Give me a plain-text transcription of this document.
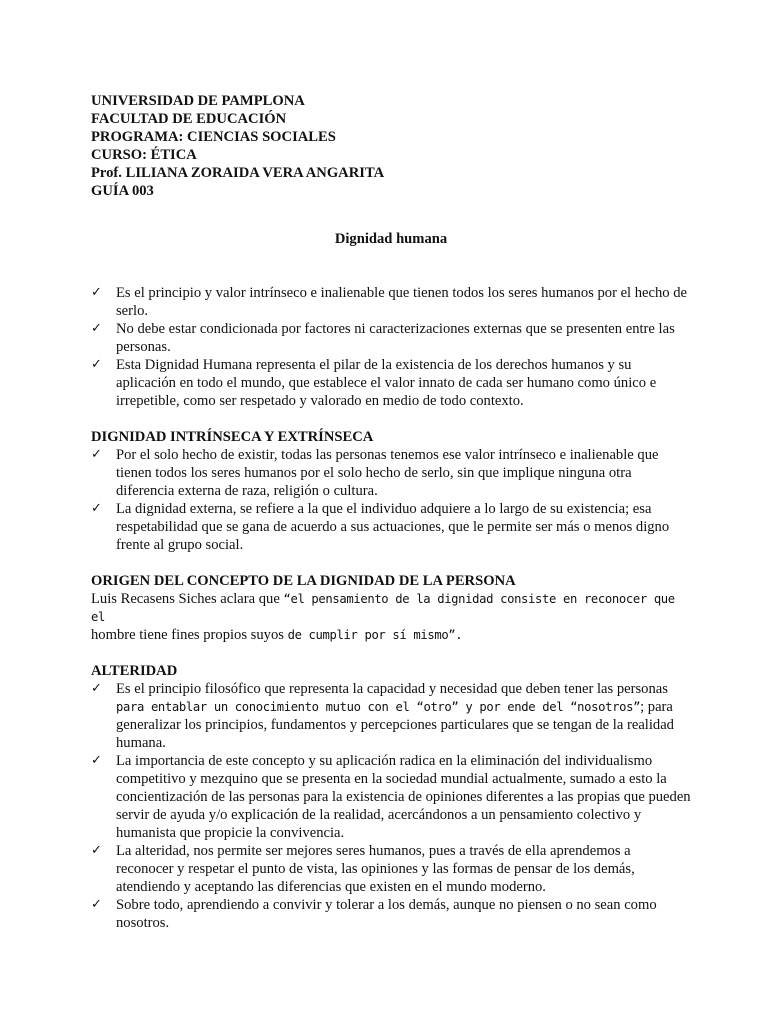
UNIVERSIDAD DE PAMPLONA

FACULTAD DE EDUCACIÓN

PROGRAMA: CIENCIAS SOCIALES

CURSO: ÉTICA

Prof. LILIANA ZORAIDA VERA ANGARITA

GUÍA 003

Dignidad humana

✓ Es el principio y valor intrínseco e inalienable que tienen todos los seres humanos por el hecho de serlo.
✓ No debe estar condicionada por factores ni caracterizaciones externas que se presenten entre las personas.
✓ Esta Dignidad Humana representa el pilar de la existencia de los derechos humanos y su aplicación en todo el mundo, que establece el valor innato de cada ser humano como único e irrepetible, como ser respetado y valorado en medio de todo contexto.

DIGNIDAD INTRÍNSECA Y EXTRÍNSECA

✓ Por el solo hecho de existir, todas las personas tenemos ese valor intrínseco e inalienable que tienen todos los seres humanos por el solo hecho de serlo, sin que implique ninguna otra diferencia externa de raza, religión o cultura.
✓ La dignidad externa, se refiere a la que el individuo adquiere a lo largo de su existencia; esa respetabilidad que se gana de acuerdo a sus actuaciones, que le permite ser más o menos digno frente al grupo social.

ORIGEN DEL CONCEPTO DE LA DIGNIDAD DE LA PERSONA

Luis Recasens Siches aclara que “el pensamiento de la dignidad consiste en reconocer que el
hombre tiene fines propios suyos de cumplir por sí mismo”.

ALTERIDAD

✓ Es el principio filosófico que representa la capacidad y necesidad que deben tener las personas para entablar un conocimiento mutuo con el “otro” y por ende del “nosotros”; para generalizar los principios, fundamentos y percepciones particulares que se tengan de la realidad humana.
✓ La importancia de este concepto y su aplicación radica en la eliminación del individualismo competitivo y mezquino que se presenta en la sociedad mundial actualmente, sumado a esto la concientización de las personas para la existencia de opiniones diferentes a las propias que pueden servir de ayuda y/o explicación de la realidad, acercándonos a un pensamiento colectivo y humanista que propicie la convivencia.
✓ La alteridad, nos permite ser mejores seres humanos, pues a través de ella aprendemos a reconocer y respetar el punto de vista, las opiniones y las formas de pensar de los demás, atendiendo y aceptando las diferencias que existen en el mundo moderno.
✓ Sobre todo, aprendiendo a convivir y tolerar a los demás, aunque no piensen o no sean como nosotros.
